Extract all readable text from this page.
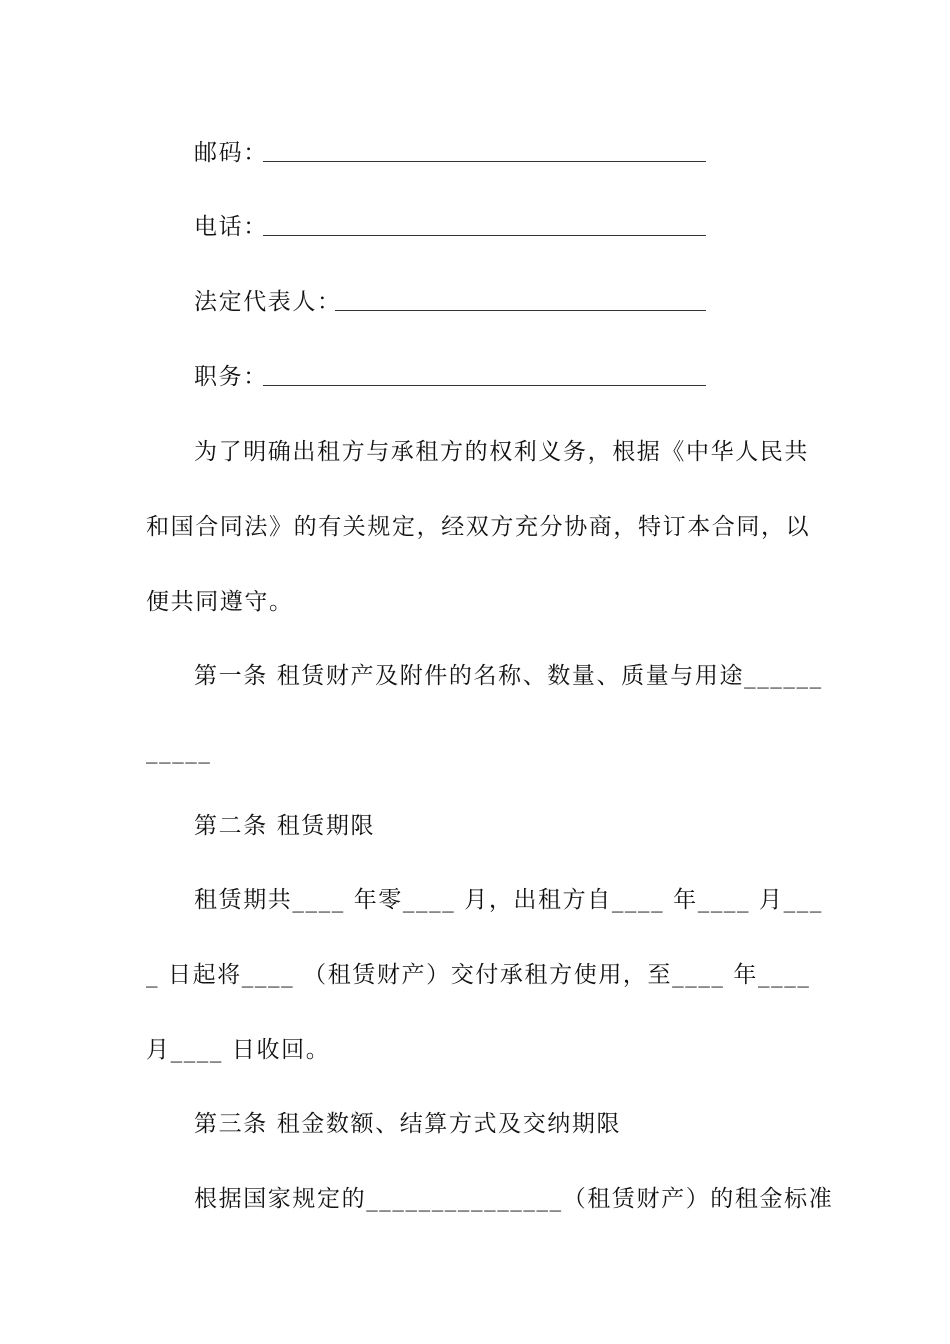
邮码：
电话：
法定代表人：
职务：
为了明确出租方与承租方的权利义务，根据《中华人民共
和国合同法》的有关规定，经双方充分协商，特订本合同，以
便共同遵守。
第一条 租赁财产及附件的名称、数量、质量与用途______
_____
第二条 租赁期限
租赁期共____ 年零____ 月，出租方自____ 年____ 月___
_ 日起将____ （租赁财产）交付承租方使用，至____ 年____
月____ 日收回。
第三条 租金数额、结算方式及交纳期限
根据国家规定的_______________（租赁财产）的租金标准
